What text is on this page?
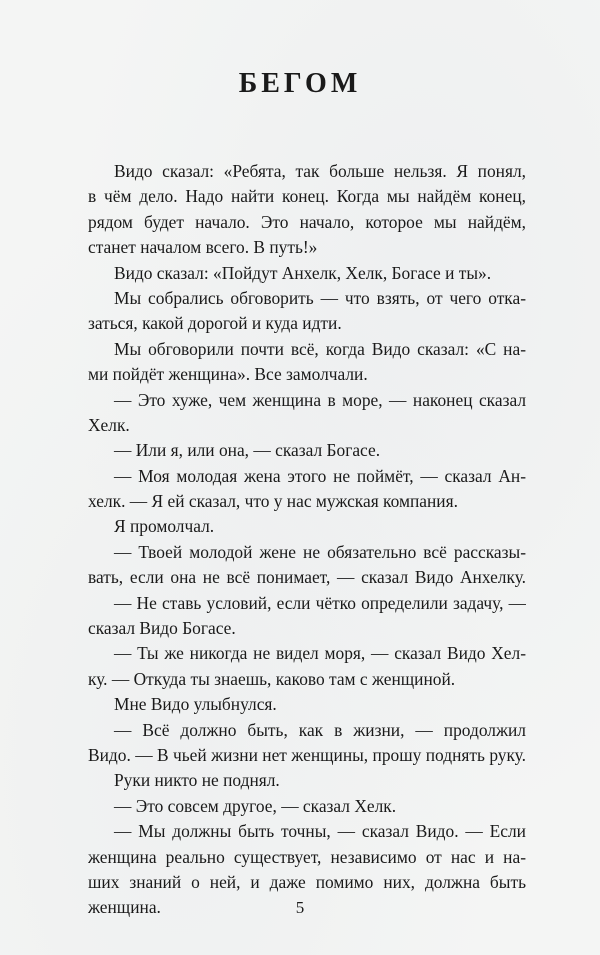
БЕГОМ
Видо сказал: «Ребята, так больше нельзя. Я понял,
в чём дело. Надо найти конец. Когда мы найдём конец,
рядом будет начало. Это начало, которое мы найдём,
станет началом всего. В путь!»
Видо сказал: «Пойдут Анхелк, Хелк, Богасе и ты».
Мы собрались обговорить — что взять, от чего отка-
заться, какой дорогой и куда идти.
Мы обговорили почти всё, когда Видо сказал: «С на-
ми пойдёт женщина». Все замолчали.
— Это хуже, чем женщина в море, — наконец сказал
Хелк.
— Или я, или она, — сказал Богасе.
— Моя молодая жена этого не поймёт, — сказал Ан-
хелк. — Я ей сказал, что у нас мужская компания.
Я промолчал.
— Твоей молодой жене не обязательно всё рассказы-
вать, если она не всё понимает, — сказал Видо Анхелку.
— Не ставь условий, если чётко определили задачу, —
сказал Видо Богасе.
— Ты же никогда не видел моря, — сказал Видо Хел-
ку. — Откуда ты знаешь, каково там с женщиной.
Мне Видо улыбнулся.
— Всё должно быть, как в жизни, — продолжил
Видо. — В чьей жизни нет женщины, прошу поднять руку.
Руки никто не поднял.
— Это совсем другое, — сказал Хелк.
— Мы должны быть точны, — сказал Видо. — Если
женщина реально существует, независимо от нас и на-
ших знаний о ней, и даже помимо них, должна быть
женщина.	5
